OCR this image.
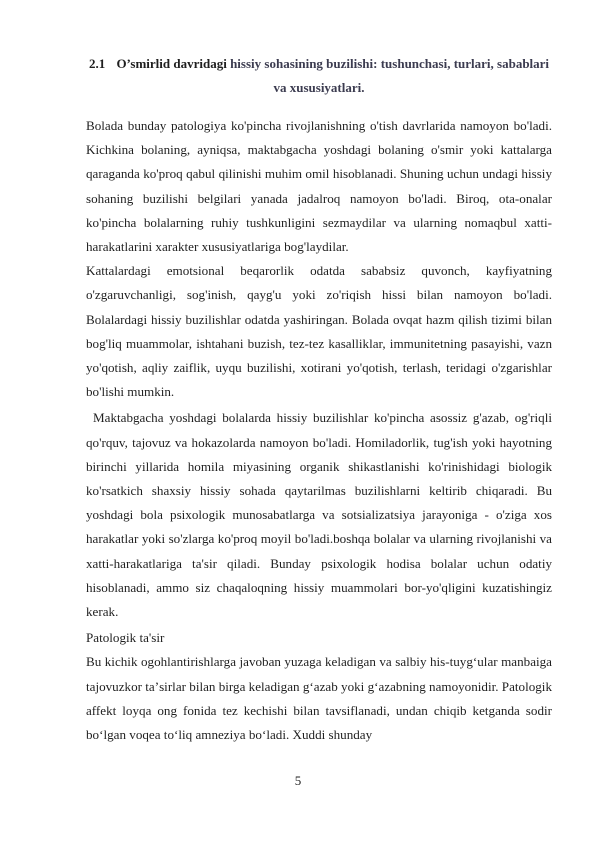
2.1 O’smirlid davridagi hissiy sohasining buzilishi: tushunchasi, turlari, sabablari va xususiyatlari.

Bolada bunday patologiya ko'pincha rivojlanishning o'tish davrlarida namoyon bo'ladi. Kichkina bolaning, ayniqsa, maktabgacha yoshdagi bolaning o'smir yoki kattalarga qaraganda ko'proq qabul qilinishi muhim omil hisoblanadi. Shuning uchun undagi hissiy sohaning buzilishi belgilari yanada jadalroq namoyon bo'ladi. Biroq, ota-onalar ko'pincha bolalarning ruhiy tushkunligini sezmaydilar va ularning nomaqbul xatti-harakatlarini xarakter xususiyatlariga bog'laydilar.

Kattalardagi emotsional beqarorlik odatda sababsiz quvonch, kayfiyatning o'zgaruvchanligi, sog'inish, qayg'u yoki zo'riqish hissi bilan namoyon bo'ladi. Bolalardagi hissiy buzilishlar odatda yashiringan. Bolada ovqat hazm qilish tizimi bilan bog'liq muammolar, ishtahani buzish, tez-tez kasalliklar, immunitetning pasayishi, vazn yo'qotish, aqliy zaiflik, uyqu buzilishi, xotirani yo'qotish, terlash, teridagi o'zgarishlar bo'lishi mumkin.

Maktabgacha yoshdagi bolalarda hissiy buzilishlar ko'pincha asossiz g'azab, og'riqli qo'rquv, tajovuz va hokazolarda namoyon bo'ladi. Homiladorlik, tug'ish yoki hayotning birinchi yillarida homila miyasining organik shikastlanishi ko'rinishidagi biologik ko'rsatkich shaxsiy hissiy sohada qaytarilmas buzilishlarni keltirib chiqaradi. Bu yoshdagi bola psixologik munosabatlarga va sotsializatsiya jarayoniga - o'ziga xos harakatlar yoki so'zlarga ko'proq moyil bo'ladi.boshqa bolalar va ularning rivojlanishi va xatti-harakatlariga ta'sir qiladi. Bunday psixologik hodisa bolalar uchun odatiy hisoblanadi, ammo siz chaqaloqning hissiy muammolari bor-yo'qligini kuzatishingiz kerak.

Patologik ta'sir

Bu kichik ogohlantirishlarga javoban yuzaga keladigan va salbiy his-tuygʻular manbaiga tajovuzkor taʼsirlar bilan birga keladigan gʻazab yoki gʻazabning namoyonidir. Patologik affekt loyqa ong fonida tez kechishi bilan tavsiflanadi, undan chiqib ketganda sodir boʻlgan voqea toʻliq amneziya boʻladi. Xuddi shunday

5
